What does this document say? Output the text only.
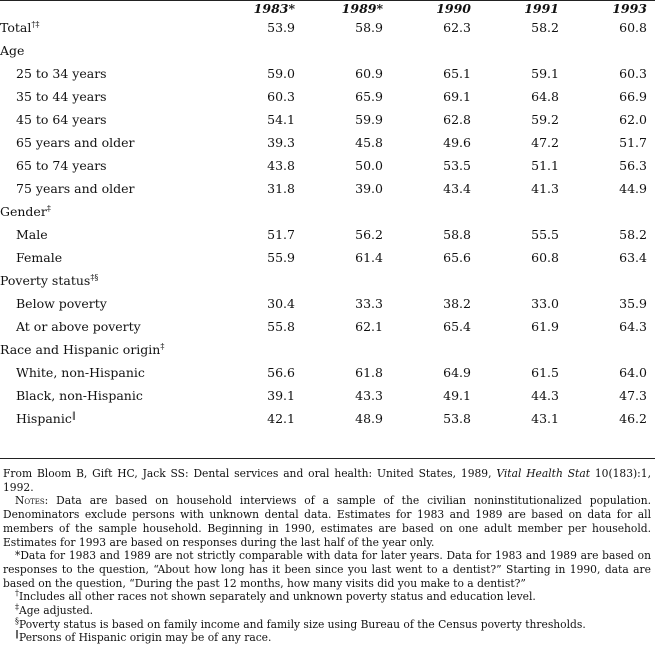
	1983*	1989*	1990	1991	1993
Total†‡	53.9	58.9	62.3	58.2	60.8
Age					
25 to 34 years	59.0	60.9	65.1	59.1	60.3
35 to 44 years	60.3	65.9	69.1	64.8	66.9
45 to 64 years	54.1	59.9	62.8	59.2	62.0
65 years and older	39.3	45.8	49.6	47.2	51.7
65 to 74 years	43.8	50.0	53.5	51.1	56.3
75 years and older	31.8	39.0	43.4	41.3	44.9
Gender‡					
Male	51.7	56.2	58.8	55.5	58.2
Female	55.9	61.4	65.6	60.8	63.4
Poverty status‡§					
Below poverty	30.4	33.3	38.2	33.0	35.9
At or above poverty	55.8	62.1	65.4	61.9	64.3
Race and Hispanic origin‡					
White, non-Hispanic	56.6	61.8	64.9	61.5	64.0
Black, non-Hispanic	39.1	43.3	49.1	44.3	47.3
Hispanic‖	42.1	48.9	53.8	43.1	46.2

From Bloom B, Gift HC, Jack SS: Dental services and oral health: United States, 1989, Vital Health Stat 10(183):1, 1992.

Notes: Data are based on household interviews of a sample of the civilian noninstitutionalized population. Denominators exclude persons with unknown dental data. Estimates for 1983 and 1989 are based on data for all members of the sample household. Beginning in 1990, estimates are based on one adult member per household. Estimates for 1993 are based on responses during the last half of the year only.

*Data for 1983 and 1989 are not strictly comparable with data for later years. Data for 1983 and 1989 are based on responses to the question, “About how long has it been since you last went to a dentist?” Starting in 1990, data are based on the question, “During the past 12 months, how many visits did you make to a dentist?”

†Includes all other races not shown separately and unknown poverty status and education level.

‡Age adjusted.

§Poverty status is based on family income and family size using Bureau of the Census poverty thresholds.

‖Persons of Hispanic origin may be of any race.
